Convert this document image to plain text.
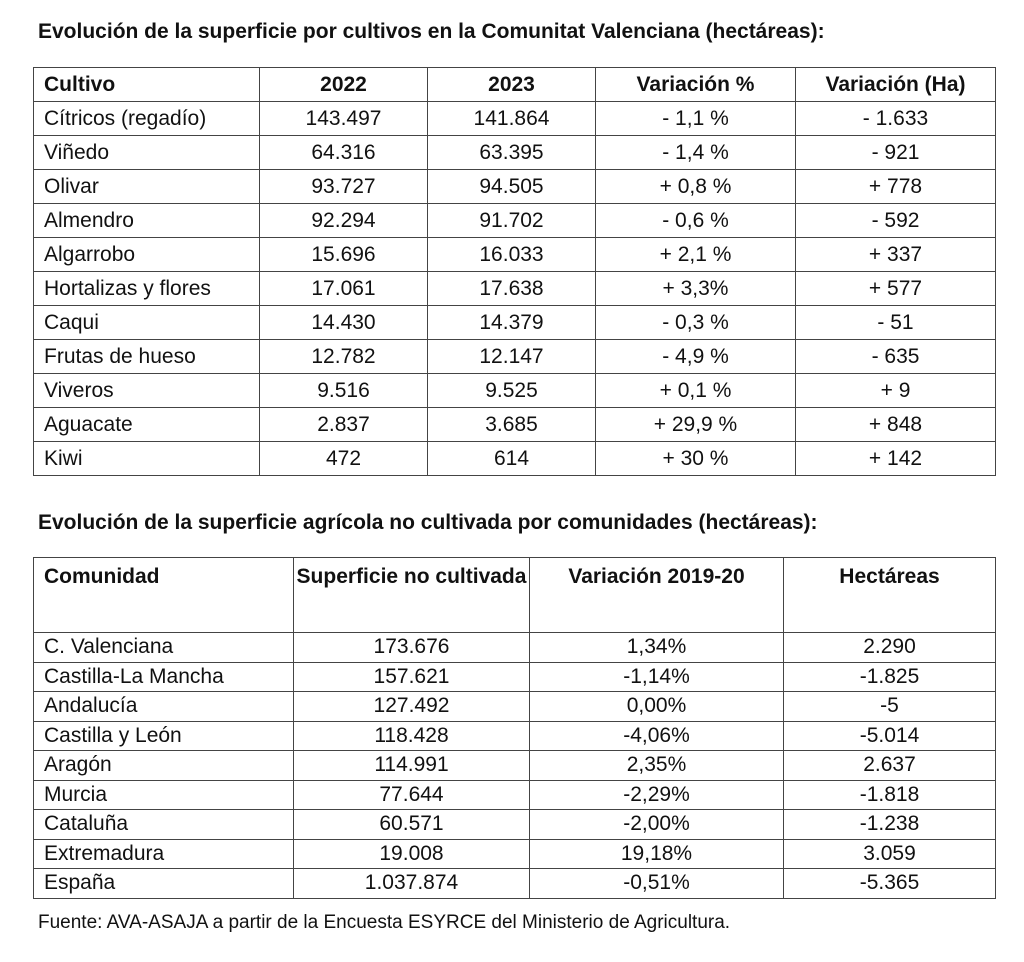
Evolución de la superficie por cultivos en la Comunitat Valenciana (hectáreas):
Cultivo	2022	2023	Variación %	Variación (Ha)
Cítricos (regadío)	143.497	141.864	- 1,1 %	- 1.633
Viñedo	64.316	63.395	- 1,4 %	- 921
Olivar	93.727	94.505	+ 0,8 %	+ 778
Almendro	92.294	91.702	- 0,6 %	- 592
Algarrobo	15.696	16.033	+ 2,1 %	+ 337
Hortalizas y flores	17.061	17.638	+ 3,3%	+ 577
Caqui	14.430	14.379	- 0,3 %	- 51
Frutas de hueso	12.782	12.147	- 4,9 %	- 635
Viveros	9.516	9.525	+ 0,1 %	+ 9
Aguacate	2.837	3.685	+ 29,9 %	+ 848
Kiwi	472	614	+ 30 %	+ 142
Evolución de la superficie agrícola no cultivada por comunidades (hectáreas):
Comunidad	Superficie no cultivada	Variación 2019-20	Hectáreas
C. Valenciana	173.676	1,34%	2.290
Castilla-La Mancha	157.621	-1,14%	-1.825
Andalucía	127.492	0,00%	-5
Castilla y León	118.428	-4,06%	-5.014
Aragón	114.991	2,35%	2.637
Murcia	77.644	-2,29%	-1.818
Cataluña	60.571	-2,00%	-1.238
Extremadura	19.008	19,18%	3.059
España	1.037.874	-0,51%	-5.365
Fuente: AVA-ASAJA a partir de la Encuesta ESYRCE del Ministerio de Agricultura.
